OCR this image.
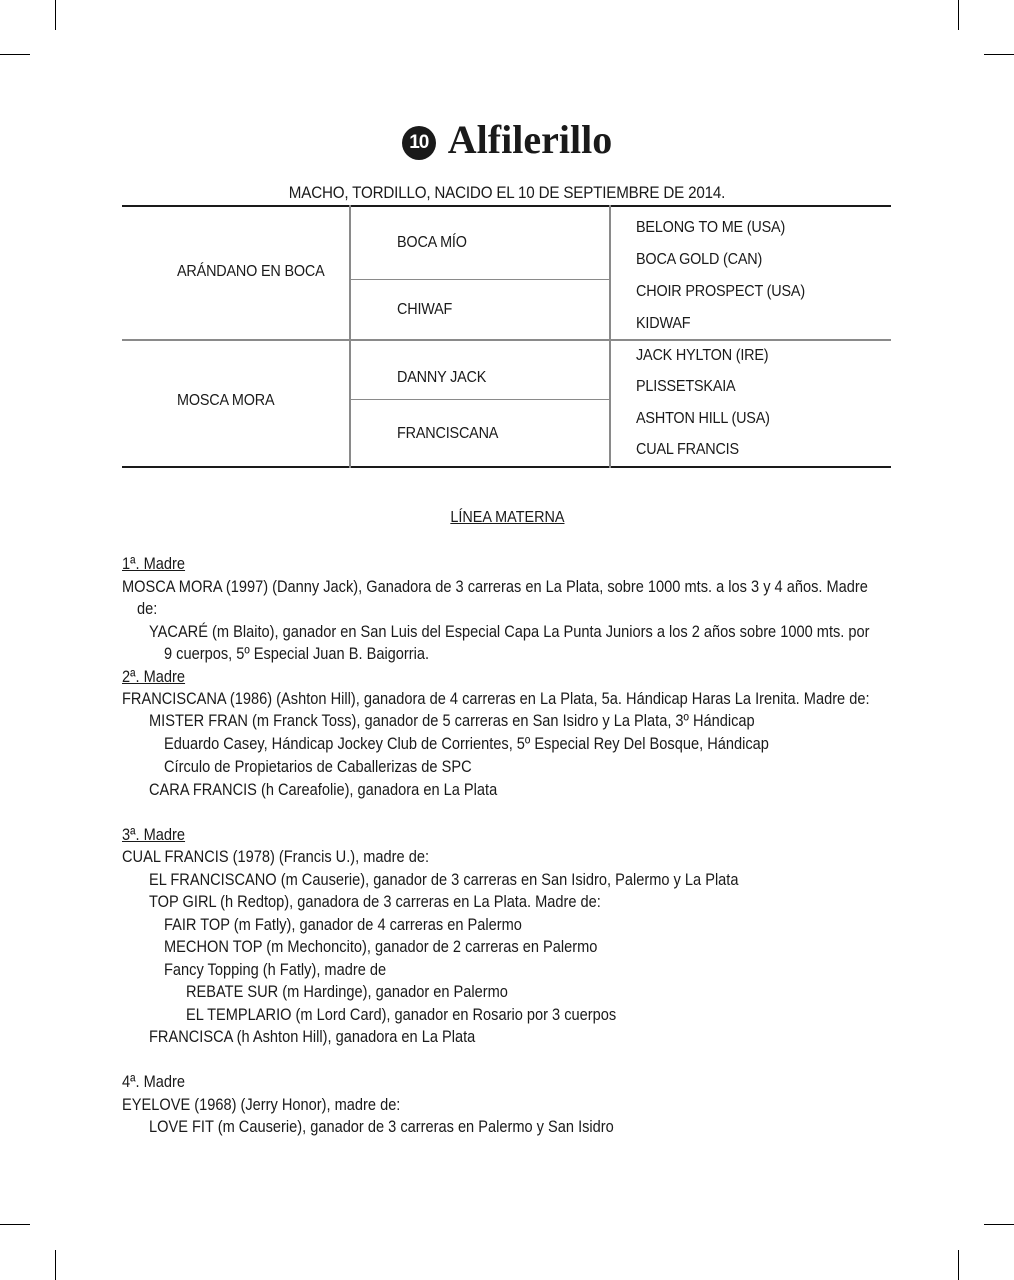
10 Alfilerillo
MACHO, TORDILLO, NACIDO EL 10 DE SEPTIEMBRE DE 2014.
ARÁNDANO EN BOCA
MOSCA MORA
BOCA MÍO
CHIWAF
DANNY JACK
FRANCISCANA
BELONG TO ME (USA)
BOCA GOLD (CAN)
CHOIR PROSPECT (USA)
KIDWAF
JACK HYLTON (IRE)
PLISSETSKAIA
ASHTON HILL (USA)
CUAL FRANCIS
LÍNEA MATERNA
1ª. Madre
MOSCA MORA (1997) (Danny Jack), Ganadora de 3 carreras en La Plata, sobre 1000 mts. a los 3 y 4 años. Madre
de:
YACARÉ (m Blaito), ganador en San Luis del Especial Capa La Punta Juniors a los 2 años sobre 1000 mts. por
9 cuerpos, 5º Especial Juan B. Baigorria.
2ª. Madre
FRANCISCANA (1986) (Ashton Hill), ganadora de 4 carreras en La Plata, 5a. Hándicap Haras La Irenita. Madre de:
MISTER FRAN (m Franck Toss), ganador de 5 carreras en San Isidro y La Plata, 3º Hándicap
Eduardo Casey, Hándicap Jockey Club de Corrientes, 5º Especial Rey Del Bosque, Hándicap
Círculo de Propietarios de Caballerizas de SPC
CARA FRANCIS (h Careafolie), ganadora en La Plata
3ª. Madre
CUAL FRANCIS (1978) (Francis U.), madre de:
EL FRANCISCANO (m Causerie), ganador de 3 carreras en San Isidro, Palermo y La Plata
TOP GIRL (h Redtop), ganadora de 3 carreras en La Plata. Madre de:
FAIR TOP (m Fatly), ganador de 4 carreras en Palermo
MECHON TOP (m Mechoncito), ganador de 2 carreras en Palermo
Fancy Topping (h Fatly), madre de
REBATE SUR (m Hardinge), ganador en Palermo
EL TEMPLARIO (m Lord Card), ganador en Rosario por 3 cuerpos
FRANCISCA (h Ashton Hill), ganadora en La Plata
4ª. Madre
EYELOVE (1968) (Jerry Honor), madre de:
LOVE FIT (m Causerie), ganador de 3 carreras en Palermo y San Isidro
